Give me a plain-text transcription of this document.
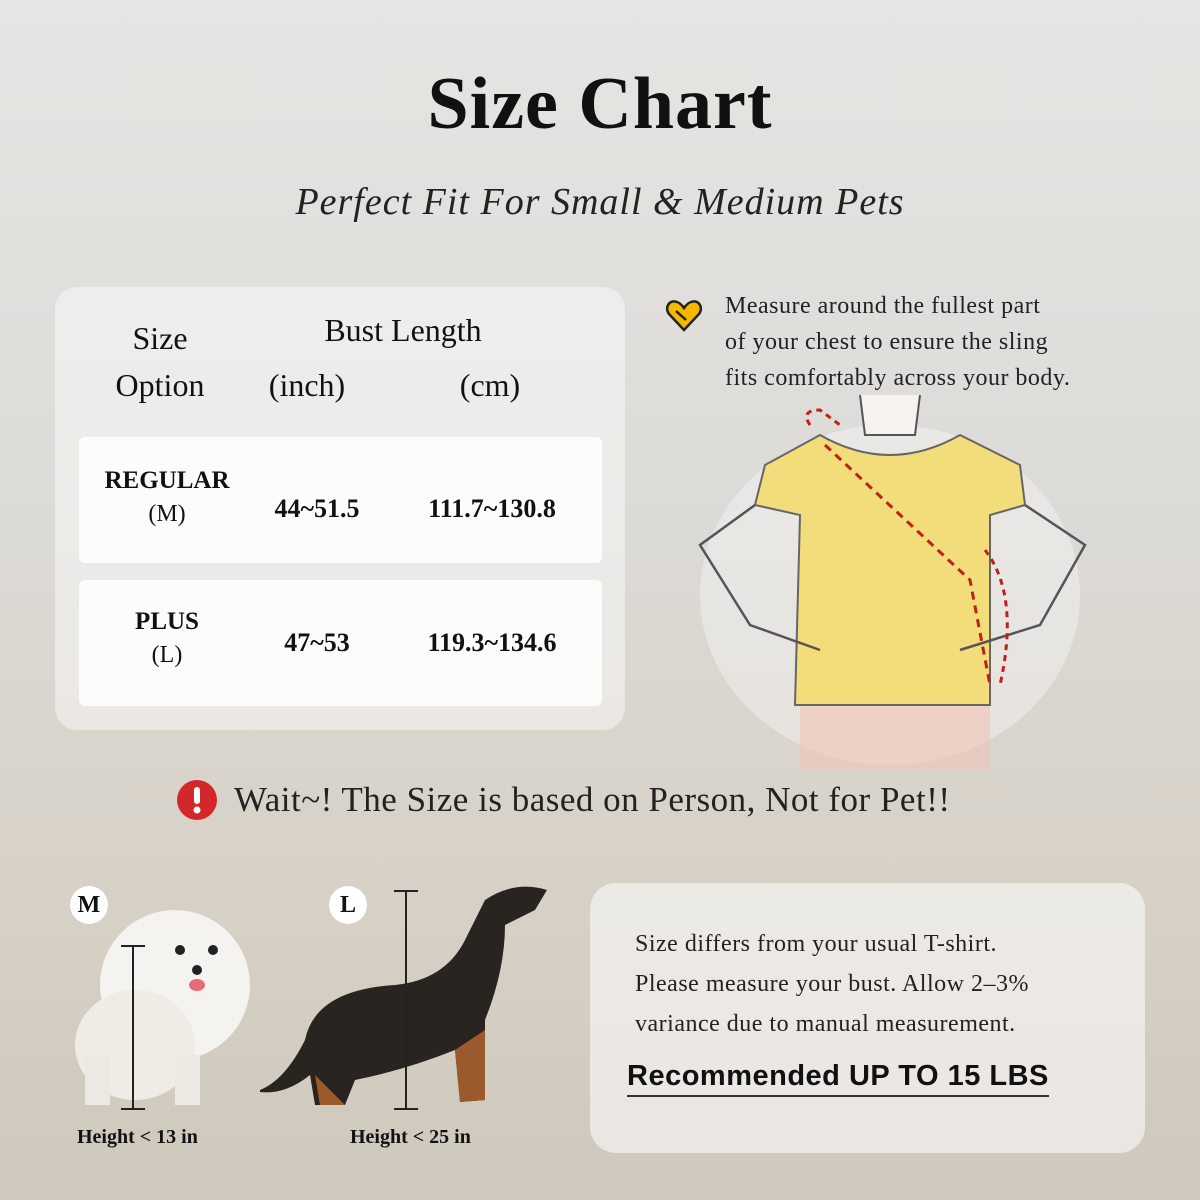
Size Chart
Perfect Fit For Small & Medium Pets
Size
Option
Bust Length
(inch)	(cm)
REGULAR
(M)	44~51.5	111.7~130.8
PLUS
(L)	47~53	119.3~134.6
Measure around the fullest part
of your chest to ensure the sling
fits comfortably across your body.
Wait~! The Size is based on Person, Not for Pet!!
M
Height < 13 in
L
Height < 25 in
Size differs from your usual T-shirt.
Please measure your bust. Allow 2–3%
variance due to manual measurement.
Recommended UP TO 15 LBS
